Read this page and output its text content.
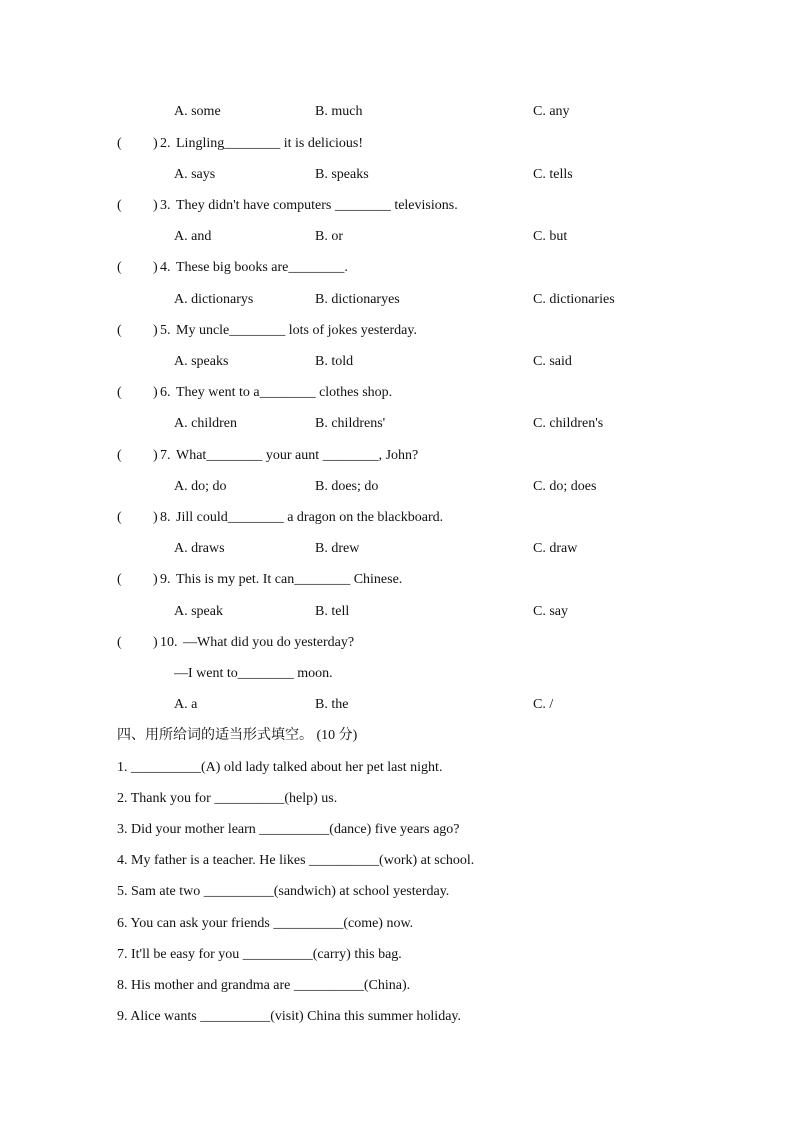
A. some	B. much	C. any
( ) 2. Lingling________ it is delicious!
A. says	B. speaks	C. tells
( ) 3. They didn't have computers ________ televisions.
A. and	B. or	C. but
( ) 4. These big books are________.
A. dictionarys	B. dictionaryes	C. dictionaries
( ) 5. My uncle________ lots of jokes yesterday.
A. speaks	B. told	C. said
( ) 6. They went to a________ clothes shop.
A. children	B. childrens'	C. children's
( ) 7. What________ your aunt ________, John?
A. do; do	B. does; do	C. do; does
( ) 8. Jill could________ a dragon on the blackboard.
A. draws	B. drew	C. draw
( ) 9. This is my pet. It can________ Chinese.
A. speak	B. tell	C. say
( ) 10. —What did you do yesterday?
—I went to________ moon.
A. a	B. the	C. /
四、用所给词的适当形式填空。 (10 分)
1. __________(A) old lady talked about her pet last night.
2. Thank you for __________(help) us.
3. Did your mother learn __________(dance) five years ago?
4. My father is a teacher. He likes __________(work) at school.
5. Sam ate two __________(sandwich) at school yesterday.
6. You can ask your friends __________(come) now.
7. It'll be easy for you __________(carry) this bag.
8. His mother and grandma are __________(China).
9. Alice wants __________(visit) China this summer holiday.
